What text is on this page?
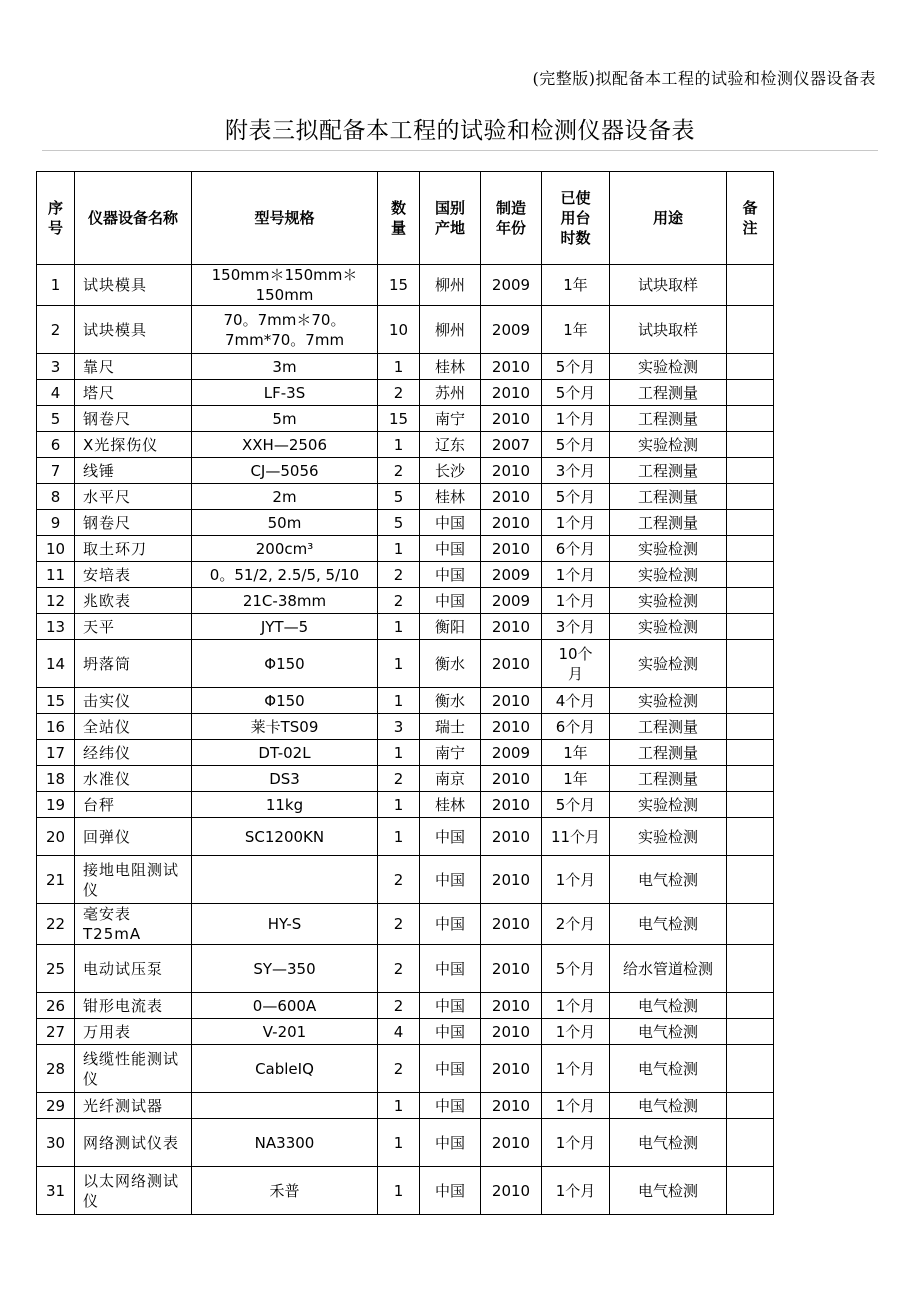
(完整版)拟配备本工程的试验和检测仪器设备表
附表三拟配备本工程的试验和检测仪器设备表
序号	仪器设备名称	型号规格	数量	国别产地	制造年份	已使用台时数	用途	备注
1	试块模具	150mm＊150mm＊150mm	15	柳州	2009	1年	试块取样	
2	试块模具	70。7mm＊70。7mm*70。7mm	10	柳州	2009	1年	试块取样	
3	靠尺	3m	1	桂林	2010	5个月	实验检测	
4	塔尺	LF-3S	2	苏州	2010	5个月	工程测量	
5	钢卷尺	5m	15	南宁	2010	1个月	工程测量	
6	X光探伤仪	XXH—2506	1	辽东	2007	5个月	实验检测	
7	线锤	CJ—5056	2	长沙	2010	3个月	工程测量	
8	水平尺	2m	5	桂林	2010	5个月	工程测量	
9	钢卷尺	50m	5	中国	2010	1个月	工程测量	
10	取土环刀	200cm³	1	中国	2010	6个月	实验检测	
11	安培表	0。51/2, 2.5/5, 5/10	2	中国	2009	1个月	实验检测	
12	兆欧表	21C-38mm	2	中国	2009	1个月	实验检测	
13	天平	JYT—5	1	衡阳	2010	3个月	实验检测	
14	坍落筒	Φ150	1	衡水	2010	10个月	实验检测	
15	击实仪	Φ150	1	衡水	2010	4个月	实验检测	
16	全站仪	莱卡TS09	3	瑞士	2010	6个月	工程测量	
17	经纬仪	DT-02L	1	南宁	2009	1年	工程测量	
18	水准仪	DS3	2	南京	2010	1年	工程测量	
19	台秤	11kg	1	桂林	2010	5个月	实验检测	
20	回弹仪	SC1200KN	1	中国	2010	11个月	实验检测	
21	接地电阻测试仪		2	中国	2010	1个月	电气检测	
22	毫安表T25mA	HY-S	2	中国	2010	2个月	电气检测	
25	电动试压泵	SY—350	2	中国	2010	5个月	给水管道检测	
26	钳形电流表	0—600A	2	中国	2010	1个月	电气检测	
27	万用表	V-201	4	中国	2010	1个月	电气检测	
28	线缆性能测试仪	CableIQ	2	中国	2010	1个月	电气检测	
29	光纤测试器		1	中国	2010	1个月	电气检测	
30	网络测试仪表	NA3300	1	中国	2010	1个月	电气检测	
31	以太网络测试仪	禾普	1	中国	2010	1个月	电气检测	
